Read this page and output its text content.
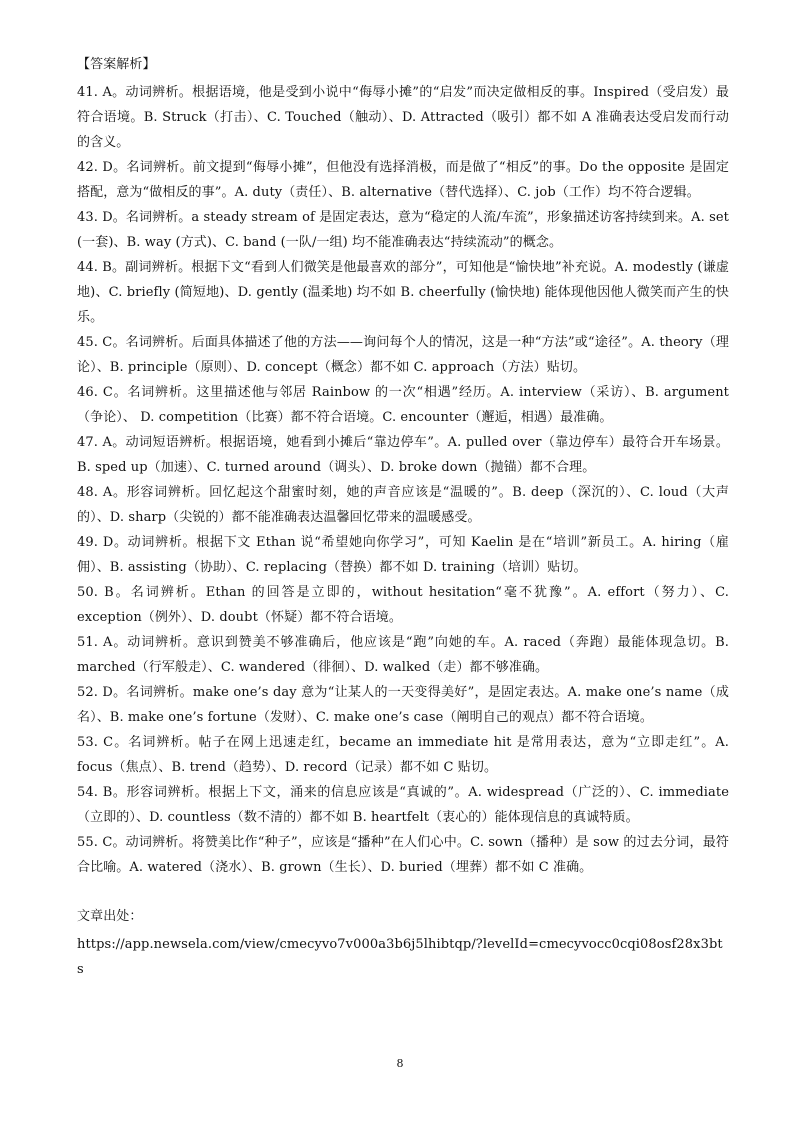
【答案解析】

41. A。动词辨析。根据语境，他是受到小说中“侮辱小摊”的“启发”而决定做相反的事。Inspired（受启发）最符合语境。B. Struck（打击）、C. Touched（触动）、D. Attracted（吸引）都不如 A 准确表达受启发而行动的含义。

42. D。名词辨析。前文提到“侮辱小摊”，但他没有选择消极，而是做了“相反”的事。Do the opposite 是固定搭配，意为“做相反的事”。A. duty（责任）、B. alternative（替代选择）、C. job（工作）均不符合逻辑。

43. D。名词辨析。a steady stream of 是固定表达，意为“稳定的人流/车流”，形象描述访客持续到来。A. set (一套)、B. way (方式)、C. band (一队/一组) 均不能准确表达“持续流动”的概念。

44. B。副词辨析。根据下文“看到人们微笑是他最喜欢的部分”，可知他是“愉快地”补充说。A. modestly (谦虚地)、C. briefly (简短地)、D. gently (温柔地) 均不如 B. cheerfully (愉快地) 能体现他因他人微笑而产生的快乐。

45. C。名词辨析。后面具体描述了他的方法——询问每个人的情况，这是一种“方法”或“途径”。A. theory（理论）、B. principle（原则）、D. concept（概念）都不如 C. approach（方法）贴切。

46. C。名词辨析。这里描述他与邻居 Rainbow 的一次“相遇”经历。A. interview（采访）、B. argument（争论）、 D. competition（比赛）都不符合语境。C. encounter（邂逅，相遇）最准确。

47. A。动词短语辨析。根据语境，她看到小摊后“靠边停车”。A. pulled over（靠边停车）最符合开车场景。B. sped up（加速）、C. turned around（调头）、D. broke down（抛锚）都不合理。

48. A。形容词辨析。回忆起这个甜蜜时刻，她的声音应该是“温暖的”。B. deep（深沉的）、C. loud（大声的）、D. sharp（尖锐的）都不能准确表达温馨回忆带来的温暖感受。

49. D。动词辨析。根据下文 Ethan 说“希望她向你学习”，可知 Kaelin 是在“培训”新员工。A. hiring（雇佣）、B. assisting（协助）、C. replacing（替换）都不如 D. training（培训）贴切。

50. B。名词辨析。Ethan 的回答是立即的，without hesitation“毫不犹豫”。A. effort（努力）、C. exception（例外）、D. doubt（怀疑）都不符合语境。

51. A。动词辨析。意识到赞美不够准确后，他应该是“跑”向她的车。A. raced（奔跑）最能体现急切。B. marched（行军般走）、C. wandered（徘徊）、D. walked（走）都不够准确。

52. D。名词辨析。make one’s day 意为“让某人的一天变得美好”，是固定表达。A. make one’s name（成名）、B. make one’s fortune（发财）、C. make one’s case（阐明自己的观点）都不符合语境。

53. C。名词辨析。帖子在网上迅速走红，became an immediate hit 是常用表达，意为“立即走红”。A. focus（焦点）、B. trend（趋势）、D. record（记录）都不如 C 贴切。

54. B。形容词辨析。根据上下文，涌来的信息应该是“真诚的”。A. widespread（广泛的）、C. immediate（立即的）、D. countless（数不清的）都不如 B. heartfelt（衷心的）能体现信息的真诚特质。

55. C。动词辨析。将赞美比作“种子”，应该是“播种”在人们心中。C. sown（播种）是 sow 的过去分词，最符合比喻。A. watered（浇水）、B. grown（生长）、D. buried（埋葬）都不如 C 准确。

文章出处：

https://app.newsela.com/view/cmecyvo7v000a3b6j5lhibtqp/?levelId=cmecyvocc0cqi08osf28x3bts

8
